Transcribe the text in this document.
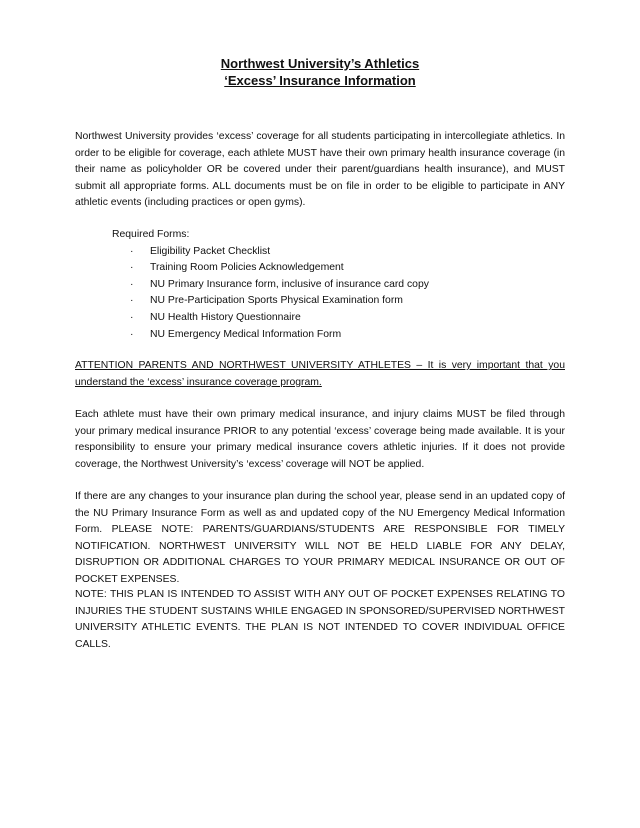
Northwest University’s Athletics
‘Excess’ Insurance Information

Northwest University provides ‘excess’ coverage for all students participating in intercollegiate athletics. In order to be eligible for coverage, each athlete MUST have their own primary health insurance coverage (in their name as policyholder OR be covered under their parent/guardians health insurance), and MUST submit all appropriate forms. ALL documents must be on file in order to be eligible to participate in ANY athletic events (including practices or open gyms).

Required Forms:
· Eligibility Packet Checklist
· Training Room Policies Acknowledgement
· NU Primary Insurance form, inclusive of insurance card copy
· NU Pre-Participation Sports Physical Examination form
· NU Health History Questionnaire
· NU Emergency Medical Information Form

ATTENTION PARENTS AND NORTHWEST UNIVERSITY ATHLETES – It is very important that you understand the ‘excess’ insurance coverage program.

Each athlete must have their own primary medical insurance, and injury claims MUST be filed through your primary medical insurance PRIOR to any potential ‘excess’ coverage being made available. It is your responsibility to ensure your primary medical insurance covers athletic injuries. If it does not provide coverage, the Northwest University’s ‘excess’ coverage will NOT be applied.

If there are any changes to your insurance plan during the school year, please send in an updated copy of the NU Primary Insurance Form as well as and updated copy of the NU Emergency Medical Information Form. PLEASE NOTE: PARENTS/GUARDIANS/STUDENTS ARE RESPONSIBLE FOR TIMELY NOTIFICATION. NORTHWEST UNIVERSITY WILL NOT BE HELD LIABLE FOR ANY DELAY, DISRUPTION OR ADDITIONAL CHARGES TO YOUR PRIMARY MEDICAL INSURANCE OR OUT OF POCKET EXPENSES.

NOTE: THIS PLAN IS INTENDED TO ASSIST WITH ANY OUT OF POCKET EXPENSES RELATING TO INJURIES THE STUDENT SUSTAINS WHILE ENGAGED IN SPONSORED/SUPERVISED NORTHWEST UNIVERSITY ATHLETIC EVENTS. THE PLAN IS NOT INTENDED TO COVER INDIVIDUAL OFFICE CALLS.
